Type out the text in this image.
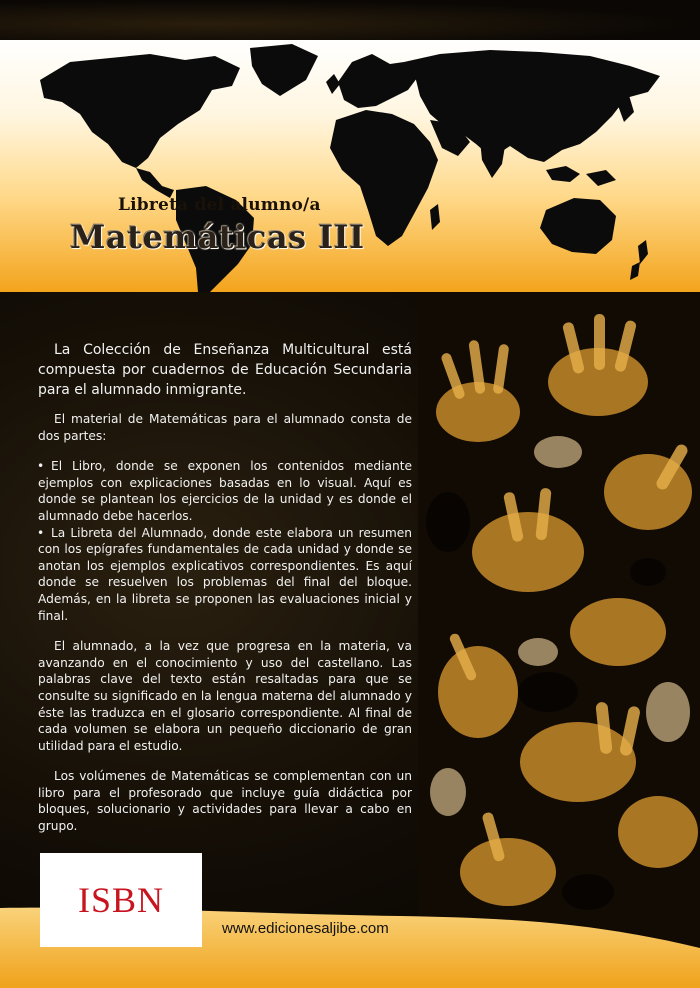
Libreta del alumno/a
Matemáticas III

La Colección de Enseñanza Multicultural está compuesta por cuadernos de Educación Secundaria para el alumnado inmigrante.

El material de Matemáticas para el alumnado consta de dos partes:

• El Libro, donde se exponen los contenidos mediante ejemplos con explicaciones basadas en lo visual. Aquí es donde se plantean los ejercicios de la unidad y es donde el alumnado debe hacerlos.
• La Libreta del Alumnado, donde este elabora un resumen con los epígrafes fundamentales de cada unidad y donde se anotan los ejemplos explicativos correspondientes. Es aquí donde se resuelven los problemas del final del bloque. Además, en la libreta se proponen las evaluaciones inicial y final.

El alumnado, a la vez que progresa en la materia, va avanzando en el conocimiento y uso del castellano. Las palabras clave del texto están resaltadas para que se consulte su significado en la lengua materna del alumnado y éste las traduzca en el glosario correspondiente. Al final de cada volumen se elabora un pequeño diccionario de gran utilidad para el estudio.

Los volúmenes de Matemáticas se complementan con un libro para el profesorado que incluye guía didáctica por bloques, solucionario y actividades para llevar a cabo en grupo.

ISBN
www.edicionesaljibe.com
